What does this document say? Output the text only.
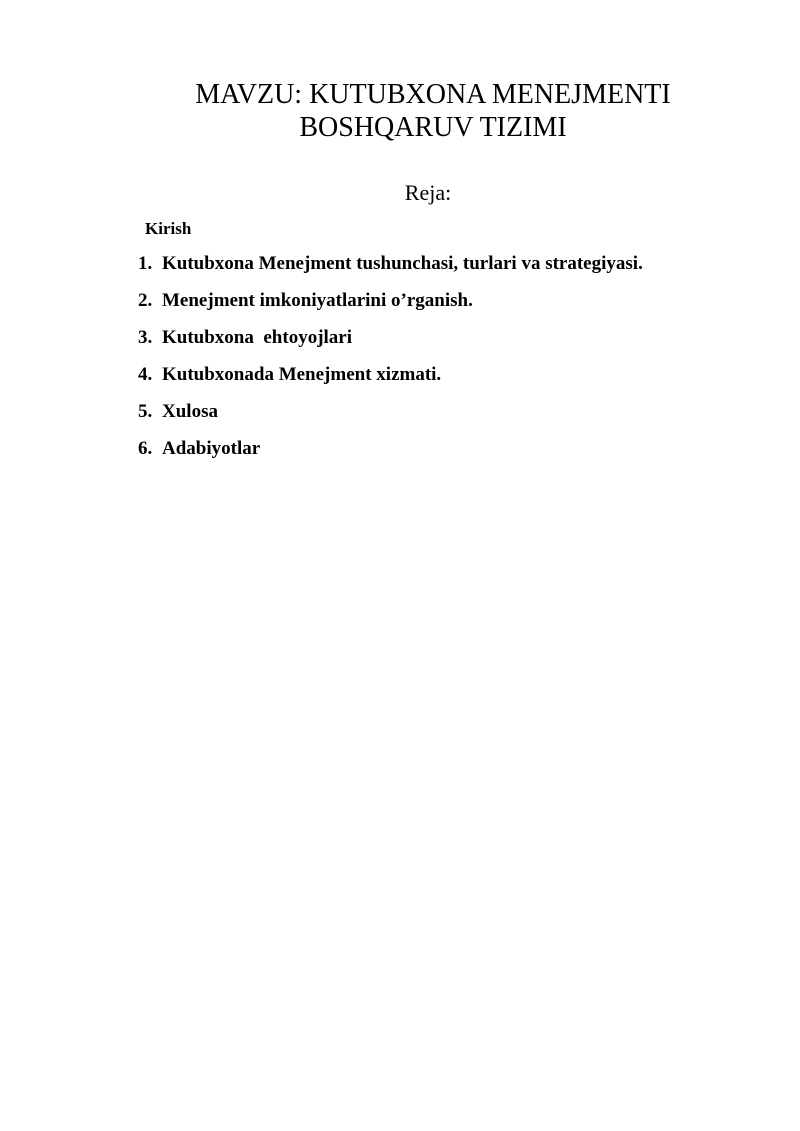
MAVZU: KUTUBXONA MENEJMENTI
BOSHQARUV TIZIMI

Reja:

Kirish

1. Kutubxona Menejment tushunchasi, turlari va strategiyasi.
2. Menejment imkoniyatlarini o’rganish.
3. Kutubxona  ehtoyojlari
4. Kutubxonada Menejment xizmati.
5. Xulosa
6. Adabiyotlar
